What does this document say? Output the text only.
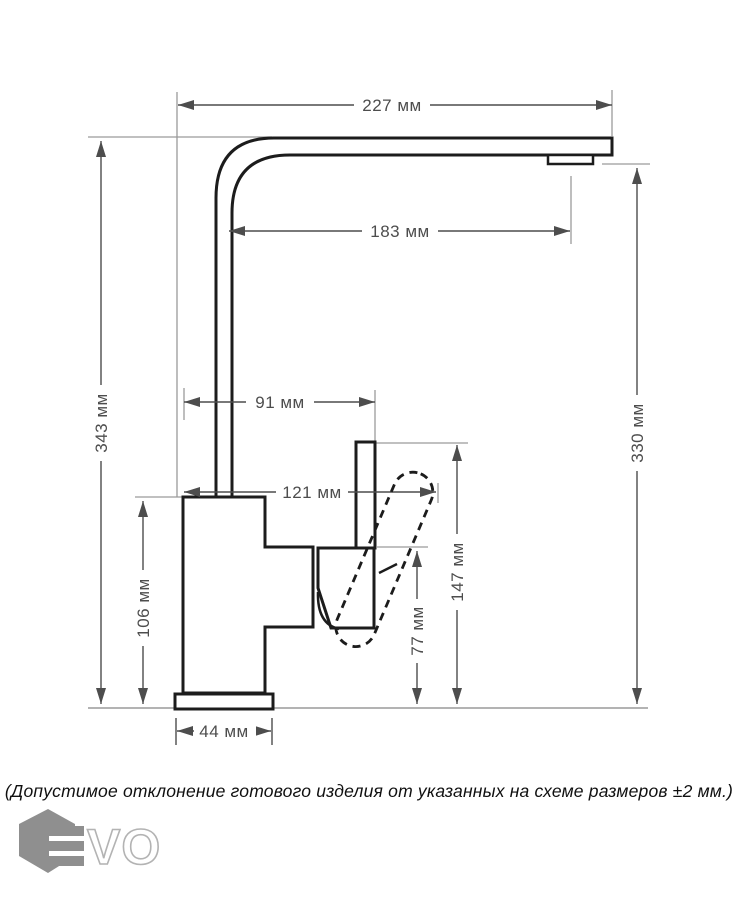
227 мм
183 мм
91 мм
121 мм
44 мм
343 мм	330 мм
106 мм
147 мм
77 мм
(Допустимое отклонение готового изделия от указанных на схеме размеров ±2 мм.)
VO
